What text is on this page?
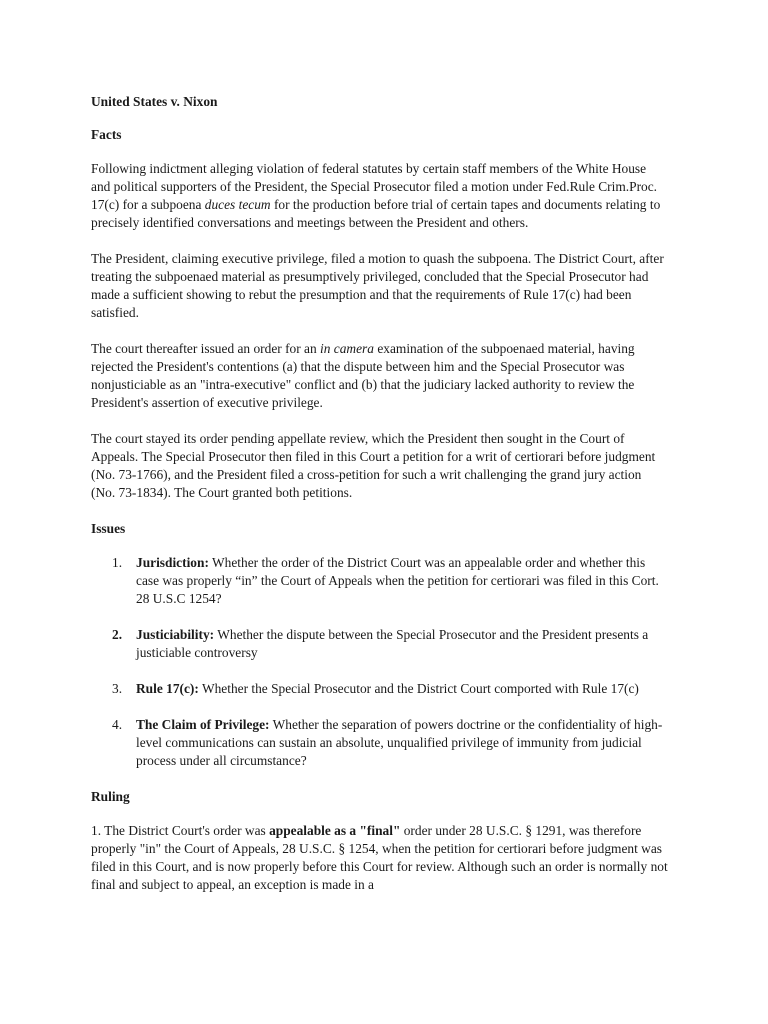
United States v. Nixon
Facts

Following indictment alleging violation of federal statutes by certain staff members of the White House and political supporters of the President, the Special Prosecutor filed a motion under Fed.Rule Crim.Proc. 17(c) for a subpoena duces tecum for the production before trial of certain tapes and documents relating to precisely identified conversations and meetings between the President and others.

The President, claiming executive privilege, filed a motion to quash the subpoena. The District Court, after treating the subpoenaed material as presumptively privileged, concluded that the Special Prosecutor had made a sufficient showing to rebut the presumption and that the requirements of Rule 17(c) had been satisfied.

The court thereafter issued an order for an in camera examination of the subpoenaed material, having rejected the President's contentions (a) that the dispute between him and the Special Prosecutor was nonjusticiable as an "intra-executive" conflict and (b) that the judiciary lacked authority to review the President's assertion of executive privilege.

The court stayed its order pending appellate review, which the President then sought in the Court of Appeals. The Special Prosecutor then filed in this Court a petition for a writ of certiorari before judgment (No. 73-1766), and the President filed a cross-petition for such a writ challenging the grand jury action (No. 73-1834). The Court granted both petitions.

Issues
1. Jurisdiction: Whether the order of the District Court was an appealable order and whether this case was properly “in” the Court of Appeals when the petition for certiorari was filed in this Cort. 28 U.S.C 1254?
2. Justiciability: Whether the dispute between the Special Prosecutor and the President presents a justiciable controversy
3. Rule 17(c): Whether the Special Prosecutor and the District Court comported with Rule 17(c)
4. The Claim of Privilege: Whether the separation of powers doctrine or the confidentiality of high-level communications can sustain an absolute, unqualified privilege of immunity from judicial process under all circumstance?
Ruling

1. The District Court's order was appealable as a "final" order under 28 U.S.C. § 1291, was therefore properly "in" the Court of Appeals, 28 U.S.C. § 1254, when the petition for certiorari before judgment was filed in this Court, and is now properly before this Court for review. Although such an order is normally not final and subject to appeal, an exception is made in a
